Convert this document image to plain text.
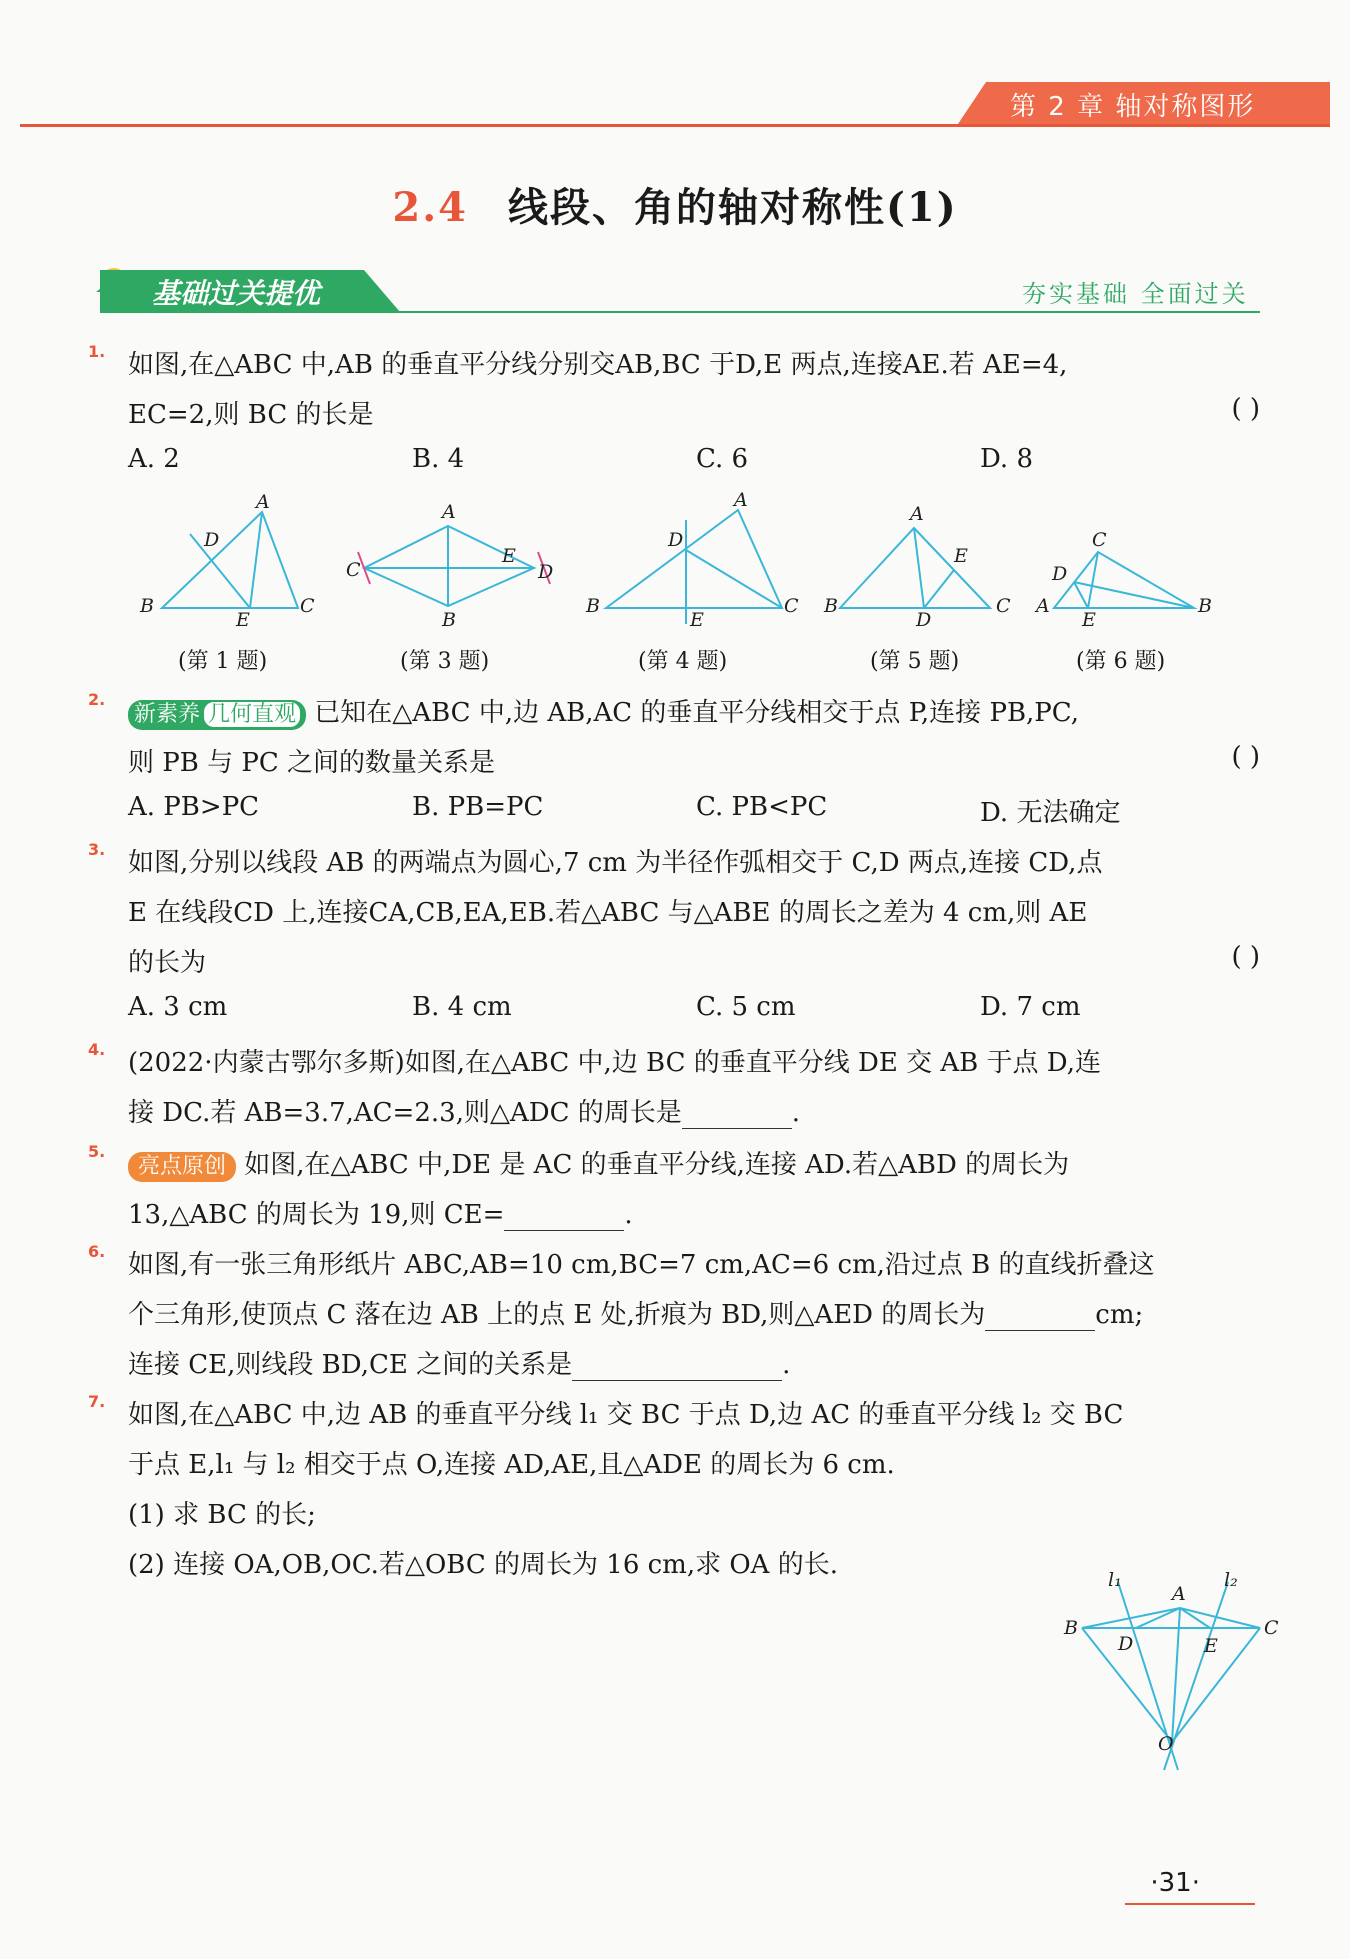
第 2 章 轴对称图形
2.4 线段、角的轴对称性(1)
基础过关提优	夯实基础 全面过关
1. 如图,在△ABC 中,AB 的垂直平分线分别交AB,BC 于D,E 两点,连接AE.若 AE=4,
EC=2,则 BC 的长是	( )
A. 2	B. 4	C. 6	D. 8
B
A
C
D
E
A
C
E
D
B
B
A
C
D
E
B
A
C
E
D
A
C
B
D
E
(第 1 题)	(第 3 题)	(第 4 题)	(第 5 题)	(第 6 题)
2.
新素养 几何直观 已知在△ABC 中,边 AB,AC 的垂直平分线相交于点 P,连接 PB,PC,
则 PB 与 PC 之间的数量关系是	( )
A. PB>PC	B. PB=PC	C. PB<PC	D. 无法确定
3. 如图,分别以线段 AB 的两端点为圆心,7 cm 为半径作弧相交于 C,D 两点,连接 CD,点
E 在线段CD 上,连接CA,CB,EA,EB.若△ABC 与△ABE 的周长之差为 4 cm,则 AE
的长为	( )
A. 3 cm	B. 4 cm	C. 5 cm	D. 7 cm
4. (2022·内蒙古鄂尔多斯)如图,在△ABC 中,边 BC 的垂直平分线 DE 交 AB 于点 D,连
接 DC.若 AB=3.7,AC=2.3,则△ADC 的周长是	.
5.
亮点原创 如图,在△ABC 中,DE 是 AC 的垂直平分线,连接 AD.若△ABD 的周长为
13,△ABC 的周长为 19,则 CE=	.
6. 如图,有一张三角形纸片 ABC,AB=10 cm,BC=7 cm,AC=6 cm,沿过点 B 的直线折叠这
个三角形,使顶点 C 落在边 AB 上的点 E 处,折痕为 BD,则△AED 的周长为	cm;
连接 CE,则线段 BD,CE 之间的关系是	.
7. 如图,在△ABC 中,边 AB 的垂直平分线 l₁ 交 BC 于点 D,边 AC 的垂直平分线 l₂ 交 BC
于点 E,l₁ 与 l₂ 相交于点 O,连接 AD,AE,且△ADE 的周长为 6 cm.
(1) 求 BC 的长;
(2) 连接 OA,OB,OC.若△OBC 的周长为 16 cm,求 OA 的长.
B
A
C
D	E
O
l₁	l₂
·31·
